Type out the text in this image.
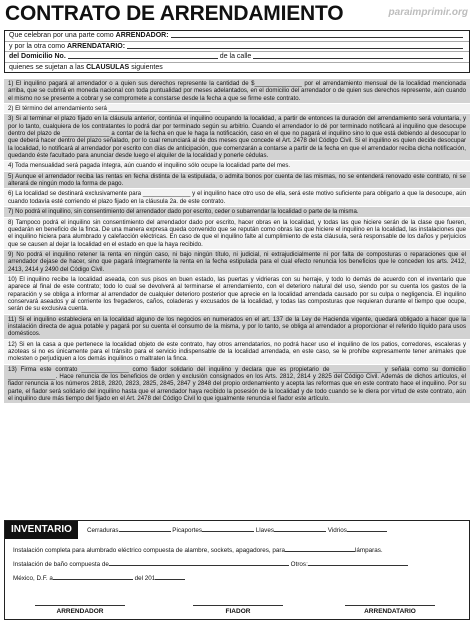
CONTRATO DE ARRENDAMIENTO	paraimprimir.org
Que celebran por una parte como
ARRENDADOR:
y por la otra como
ARRENDATARIO:
del Domicilio No.	de la calle
quienes se sujetan a las
CLAUSULAS
siguientes
1) El inquilino pagará al arrendador o a quien sus derechos represente la cantidad de $______________ por el arrendamiento mensual de la localidad mencionada arriba, que se cubrirá en moneda nacional con toda puntualidad por meses adelantados, en el domicilio del arrendador o de quien sus derechos represente, aún cuando el mismo no se presente a cobrar y se compromete a constarse desde la fecha a que se firme este contrato.
2) El término del arrendamiento será ______________________________
3) Si al terminar el plazo fijado en la cláusula anterior, continúa el inquilino ocupando la localidad, a partir de entonces la duración del arrendamiento será voluntaria, y por lo tanto, cualquiera de los contratantes lo podrá dar por terminado según su arbitrio. Cuando el arrendador lo dé por terminado notificará al inquilino que desocupe dentro del plazo de ______________ a contar de la fecha en que le haga la notificación, caso en el que no pagará el inquilino sino lo que está debiendo al desocupar lo que deberá hacer dentro del plazo señalado, por lo cual renunciará al de dos meses que concede el Art. 2478 del Código Civil. Si el inquilino es quien decide desocupar la localidad, lo notificará al arrendador por escrito con días de anticipación, que comenzarán a contarse a partir de la fecha en que el arrendador reciba dicha notificación, quedando éste facultado para anunciar desde luego el alquiler de la localidad y ponerle cédulas.
4) Toda mensualidad será pagada íntegra, aún cuando el inquilino sólo ocupe la localidad parte del mes.
5) Aunque el arrendador reciba las rentas en fecha distinta de la estipulada, o admita bonos por cuenta de las mismas, no se entenderá renovado este contrato, ni se alterará de ningún modo la forma de pago.
6) La localidad se destinará exclusivamente para ______________ y el inquilino hace otro uso de ella, será este motivo suficiente para obligarlo a que la desocupe, aún cuando todavía esté corriendo el plazo fijado en la cláusula 2a. de este contrato.
7) No podrá el inquilino, sin consentimiento del arrendador dado por escrito, ceder o subarrendar la localidad o parte de la misma.
8) Tampoco podrá el inquilino sin consentimiento del arrendador dado por escrito, hacer obras en la localidad, y todas las que hiciere serán de la clase que fueren, quedarán en beneficio de la finca. De una manera expresa queda convenido que se repután como obras las que hiciere el inquilino en la localidad, las instalaciones que el inquilino hiciera para alumbrado y calefacción eléctricas. En caso de que el inquilino falte al cumplimiento de esta cláusula, será responsable de los daños y perjuicios que se causen al dejar la localidad en el estado en que la haya recibido.
9) No podrá el inquilino retener la renta en ningún caso, ni bajo ningún título, ni judicial, ni extrajudicialmente ni por falta de composturas o reparaciones que el arrendador dejase de hacer, sino que pagará íntegramente la renta en la fecha estipulada para el cual efecto renuncia los beneficios que le conceden los arts. 2412, 2413, 2414 y 2490 del Código Civil.
10) El inquilino recibe la localidad aseada, con sus pisos en buen estado, las puertas y vidrieras con su herraje, y todo lo demás de acuerdo con el inventario que aparece al final de este contrato; todo lo cual se devolverá al terminarse el arrendamiento, con el deterioro natural del uso, siendo por su cuenta los gastos de la reparación y se obliga a informar al arrendador de cualquier deterioro posterior que aprecie en la localidad arrendada causado por su culpa o negligencia. El inquilino conservará aseados y al corriente los fregaderos, caños, coladeras y excusados de la localidad, y todas las composturas que requieran durante el tiempo que ocupe, serán de su exclusiva cuenta.
11) Si el inquilino estableciera en la localidad alguno de los negocios en numerados en el art. 137 de la Ley de Hacienda vigente, quedará obligado a hacer que la instalación directa de agua potable y pagará por su cuenta el consumo de la misma, y por lo tanto, se obliga al arrendador a proporcionar el referido líquido para usos domésticos.
12) Si en la casa a que pertenece la localidad objeto de este contrato, hay otros arrendatarios, no podrá hacer uso el inquilino de los patios, corredores, escaleras y azoteas si no es únicamente para el tránsito para el servicio indispensable de la localidad arrendada, en este caso, se le prohíbe expresamente tener animales que molesten o perjudiquen a los demás inquilinos o maltraten la finca.
13) Firma este contrato ______________ como fiador solidario del inquilino y declara que es propietario de ______________ y señala como su domicilio ______________. Hace renuncia de los beneficios de orden y exclusión consignados en los Arts. 2812, 2814 y 2825 del Código Civil. Además de dichos artículos, el fiador renuncia a los números 2818, 2820, 2823, 2825, 2845, 2847 y 2848 del propio ordenamiento y acepta las reformas que en este contrato hace el inquilino. Por su parte, el fiador será solidario del inquilino hasta que el arrendador haya recibido la posesión de la localidad y de todo cuando se le diera por virtud de este contrato, aún el inquilino dure más tiempo del fijado en el Art. 2478 del Código Civil lo que igualmente renuncia el fiador este artículo.
INVENTARIO	Cerraduras	Picaportes	Llaves	Vidrios
Instalación completa para alumbrado eléctrico compuesta de alambre, sockets, apagadores, para	lámparas.
Instalación de baño compuesta de	Otros:
México, D.F. a	del 201
ARRENDADOR	FIADOR	ARRENDATARIO
